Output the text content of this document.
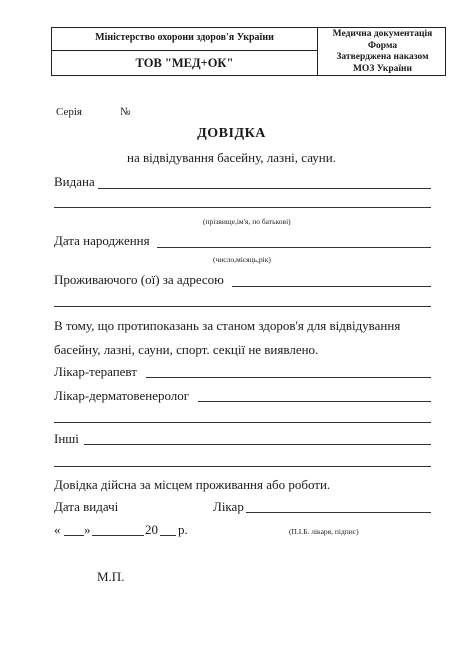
Міністерство охорони здоров'я України
ТОВ "МЕД+ОК"
Медична документація
Форма
Затверджена наказом
МОЗ України
Серія	№
ДОВІДКА
на відвідування басейну, лазні, сауни.
Видана
(прізвище,ім'я, по батькові)
Дата народження
(число,місяць,рік)
Проживаючого (ої) за адресою
В тому, що протипоказань за станом здоров'я для відвідування
басейну, лазні, сауни, спорт. секції не виявлено.
Лікар-терапевт
Лікар-дерматовенеролог
Інші
Довідка дійсна за місцем проживання або роботи.
Дата видачі	Лікар
« »	20 р.	(П.І.Б. лікаря, підпис)
М.П.
